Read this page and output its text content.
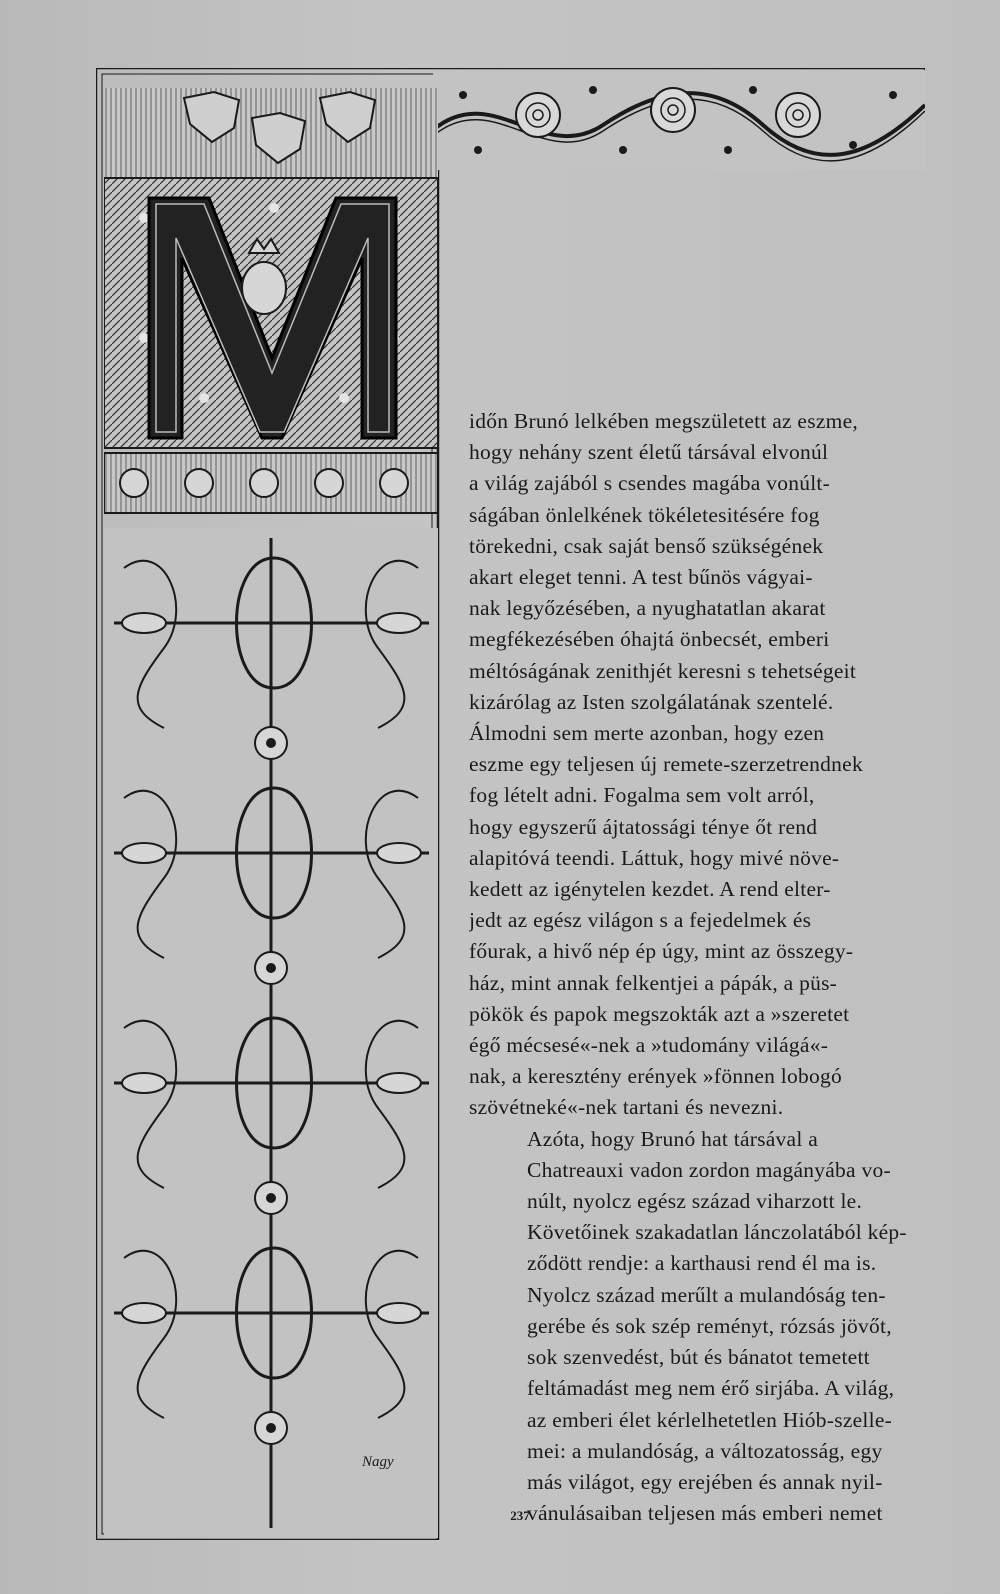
Nagy

időn Brunó lelkében megszületett az eszme,
hogy nehány szent életű társával elvonúl
a világ zajából s csendes magába vonúlt-
ságában önlelkének tökéletesitésére fog
törekedni, csak saját benső szükségének
akart eleget tenni. A test bűnös vágyai-
nak legyőzésében, a nyughatatlan akarat
megfékezésében óhajtá önbecsét, emberi
méltóságának zenithjét keresni s tehetségeit
kizárólag az Isten szolgálatának szentelé.
Álmodni sem merte azonban, hogy ezen
eszme egy teljesen új remete-szerzetrendnek
fog lételt adni. Fogalma sem volt arról,
hogy egyszerű ájtatossági ténye őt rend
alapitóvá teendi. Láttuk, hogy mivé növe-
kedett az igénytelen kezdet. A rend elter-
jedt az egész világon s a fejedelmek és
főurak, a hivő nép ép úgy, mint az összegy-
ház, mint annak felkentjei a pápák, a püs-
pökök és papok megszokták azt a »szeretet
égő mécsesé«-nek a »tudomány világá«-
nak, a keresztény erények »fönnen lobogó
szövétneké«-nek tartani és nevezni.

Azóta, hogy Brunó hat társával a
Chatreauxi vadon zordon magányába vo-
núlt, nyolcz egész század viharzott le.
Követőinek szakadatlan lánczolatából kép-
ződött rendje: a karthausi rend él ma is.
Nyolcz század merűlt a mulandóság ten-
gerébe és sok szép reményt, rózsás jövőt,
sok szenvedést, bút és bánatot temetett
feltámadást meg nem érő sirjába. A világ,
az emberi élet kérlelhetetlen Hiób-szelle-
mei: a mulandóság, a változatosság, egy
más világot, egy erejében és annak nyil-
vánulásaiban teljesen más emberi nemet

237
